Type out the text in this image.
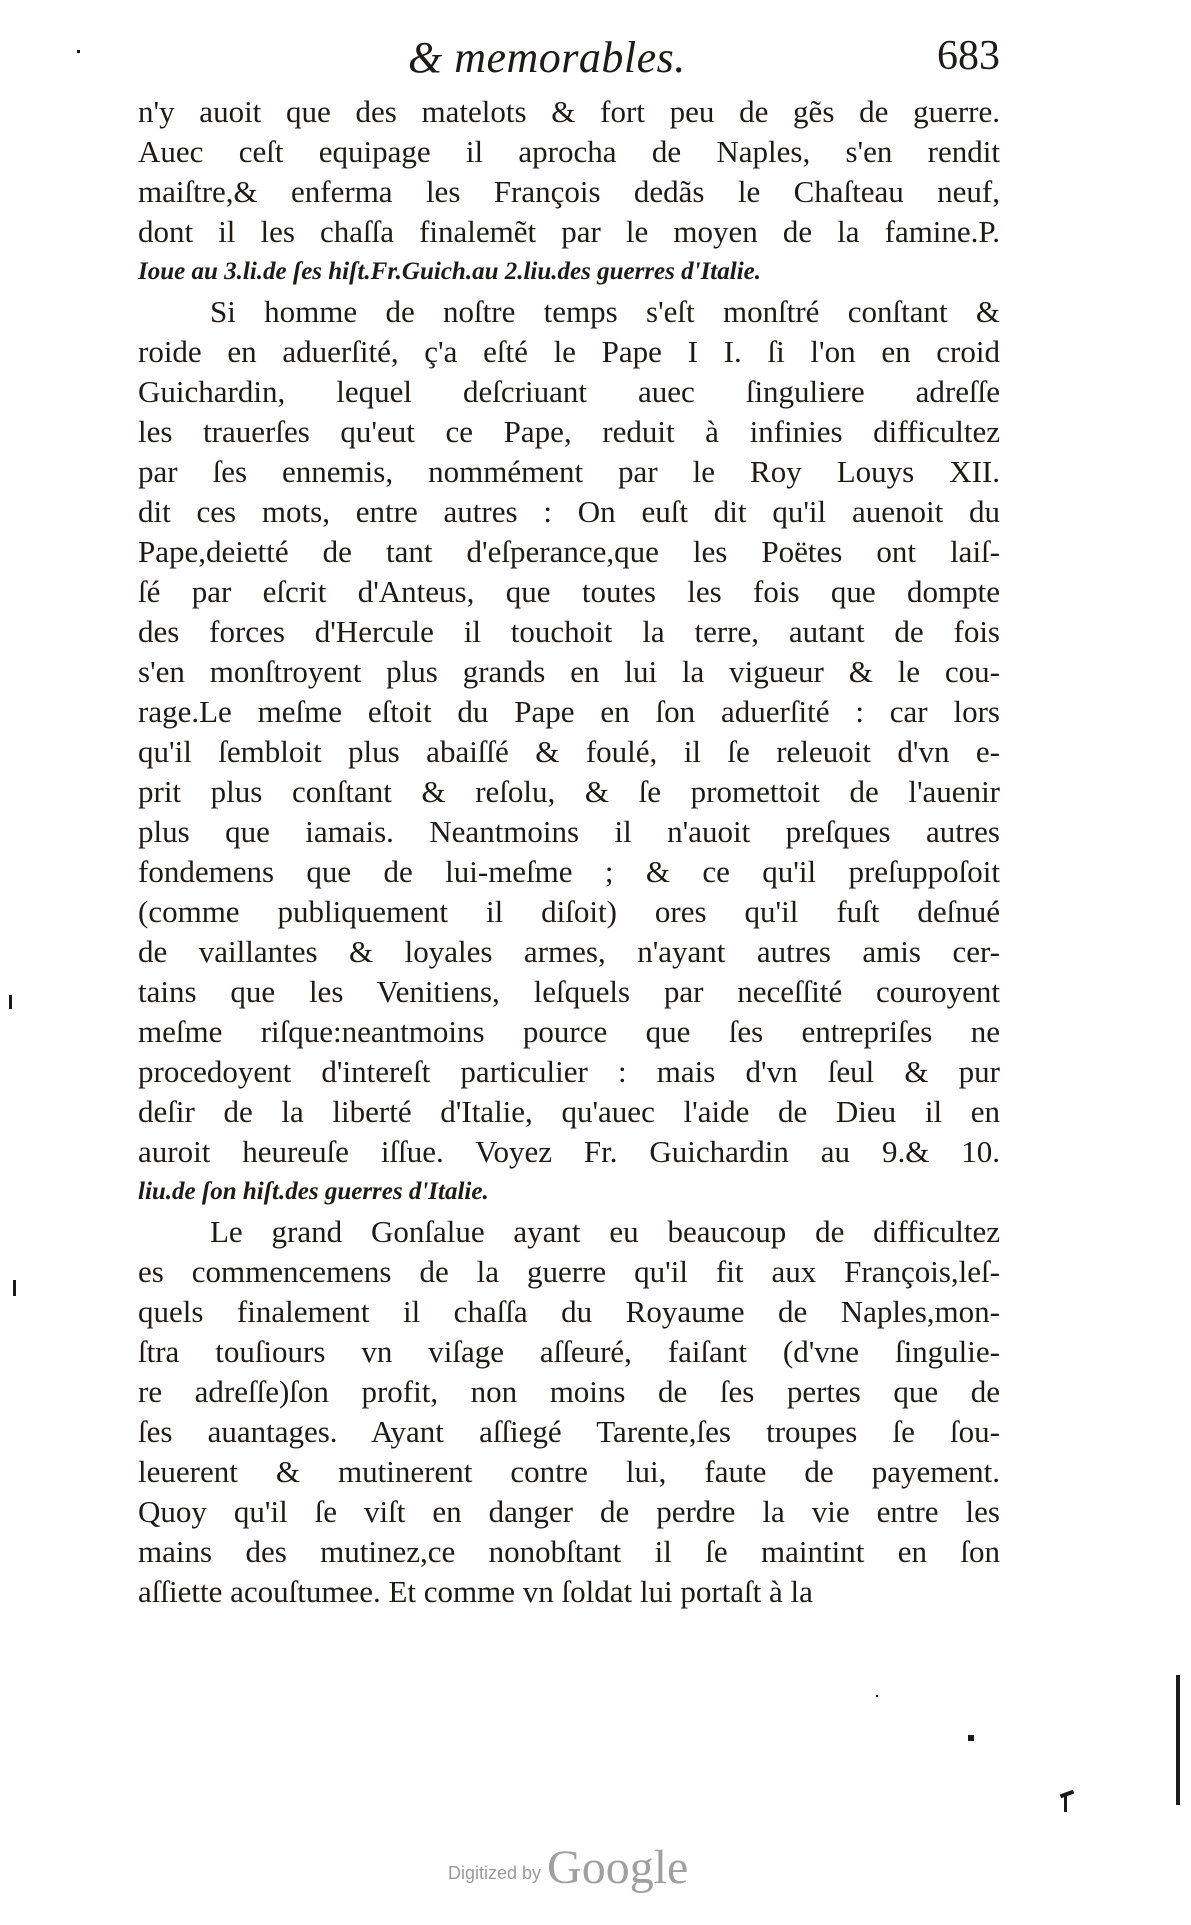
& memorables.	683
n'y auoit que des matelots & fort peu de gẽs de guerre.
Auec ceſt equipage il aprocha de Naples, s'en rendit
maiſtre,& enferma les François dedãs le Chaſteau neuf,
dont il les chaſſa finalemẽt par le moyen de la famine.P.
Ioue au 3.li.de ſes hiſt.Fr.Guich.au 2.liu.des guerres d'Italie.
Si homme de noſtre temps s'eſt monſtré conſtant &
roide en aduerſité, ç'a eſté le Pape I I. ſi l'on en croid
Guichardin, lequel deſcriuant auec ſinguliere adreſſe
les trauerſes qu'eut ce Pape, reduit à infinies difficultez
par ſes ennemis, nommément par le Roy Louys XII.
dit ces mots, entre autres : On euſt dit qu'il auenoit du
Pape,deietté de tant d'eſperance,que les Poëtes ont laiſ-
ſé par eſcrit d'Anteus, que toutes les fois que dompte
des forces d'Hercule il touchoit la terre, autant de fois
s'en monſtroyent plus grands en lui la vigueur & le cou-
rage.Le meſme eſtoit du Pape en ſon aduerſité : car lors
qu'il ſembloit plus abaiſſé & foulé, il ſe releuoit d'vn e-
prit plus conſtant & reſolu, & ſe promettoit de l'auenir
plus que iamais. Neantmoins il n'auoit preſques autres
fondemens que de lui-meſme ; & ce qu'il preſuppoſoit
(comme publiquement il diſoit) ores qu'il fuſt deſnué
de vaillantes & loyales armes, n'ayant autres amis cer-
tains que les Venitiens, leſquels par neceſſité couroyent
meſme riſque:neantmoins pource que ſes entrepriſes ne
procedoyent d'intereſt particulier : mais d'vn ſeul & pur
deſir de la liberté d'Italie, qu'auec l'aide de Dieu il en
auroit heureuſe iſſue. Voyez Fr. Guichardin au 9.& 10.
liu.de ſon hiſt.des guerres d'Italie.
Le grand Gonſalue ayant eu beaucoup de difficultez
es commencemens de la guerre qu'il fit aux François,leſ-
quels finalement il chaſſa du Royaume de Naples,mon-
ſtra touſiours vn viſage aſſeuré, faiſant (d'vne ſingulie-
re adreſſe)ſon profit, non moins de ſes pertes que de
ſes auantages. Ayant aſſiegé Tarente,ſes troupes ſe ſou-
leuerent & mutinerent contre lui, faute de payement.
Quoy qu'il ſe viſt en danger de perdre la vie entre les
mains des mutinez,ce nonobſtant il ſe maintint en ſon
aſſiette acouſtumee. Et comme vn ſoldat lui portaſt à la
Digitized by Google
